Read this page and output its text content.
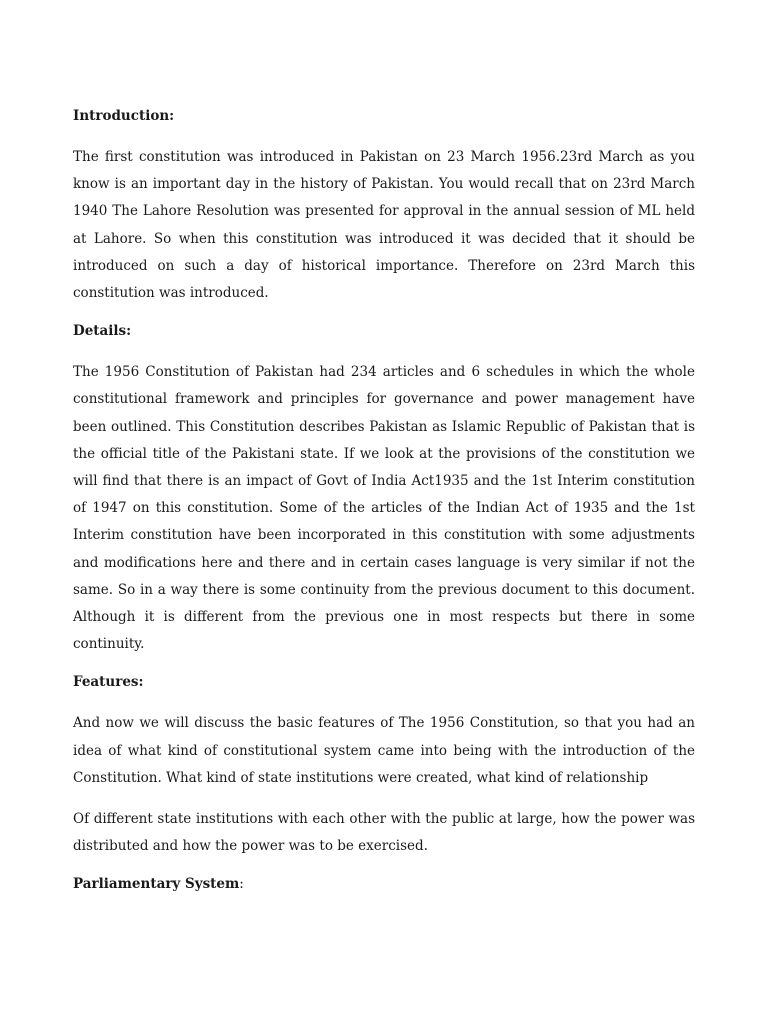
Introduction:
The first constitution was introduced in Pakistan on 23 March 1956.23rd March as you know is an important day in the history of Pakistan. You would recall that on 23rd March 1940 The Lahore Resolution was presented for approval in the annual session of ML held at Lahore. So when this constitution was introduced it was decided that it should be introduced on such a day of historical importance. Therefore on 23rd March this constitution was introduced.
Details:
The 1956 Constitution of Pakistan had 234 articles and 6 schedules in which the whole constitutional framework and principles for governance and power management have been outlined. This Constitution describes Pakistan as Islamic Republic of Pakistan that is the official title of the Pakistani state. If we look at the provisions of the constitution we will find that there is an impact of Govt of India Act1935 and the 1st Interim constitution of 1947 on this constitution. Some of the articles of the Indian Act of 1935 and the 1st Interim constitution have been incorporated in this constitution with some adjustments and modifications here and there and in certain cases language is very similar if not the same. So in a way there is some continuity from the previous document to this document. Although it is different from the previous one in most respects but there in some continuity.
Features:
And now we will discuss the basic features of The 1956 Constitution, so that you had an idea of what kind of constitutional system came into being with the introduction of the Constitution. What kind of state institutions were created, what kind of relationship
Of different state institutions with each other with the public at large, how the power was distributed and how the power was to be exercised.
Parliamentary System:
